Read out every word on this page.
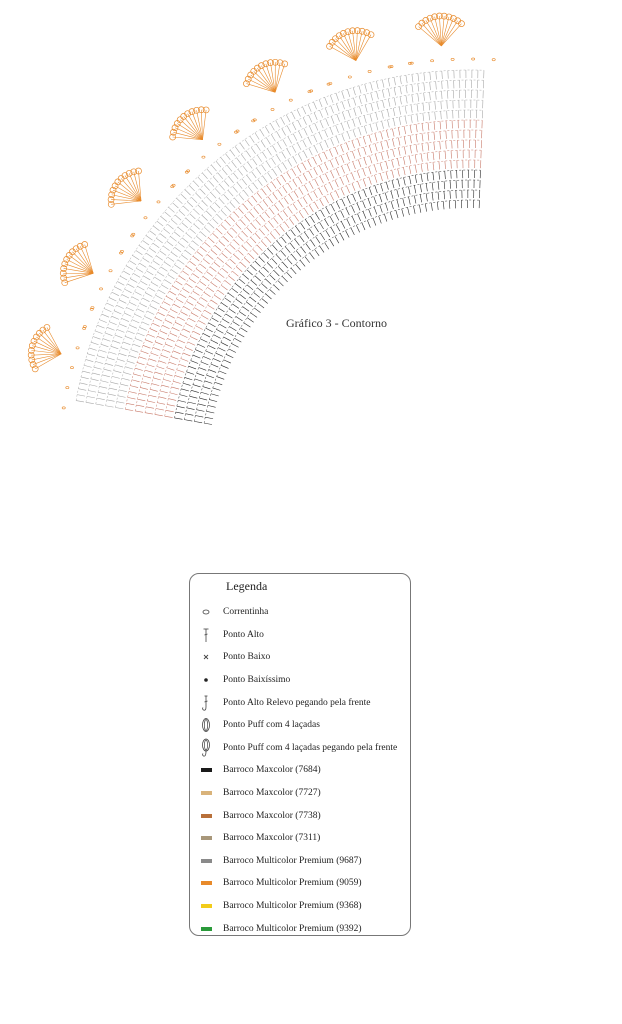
Gráfico 3 - Contorno
Legenda
Correntinha
Ponto Alto
Ponto Baixo
Ponto Baixíssimo
Ponto Alto Relevo pegando pela frente
Ponto Puff com 4 laçadas
Ponto Puff com 4 laçadas pegando pela frente
Barroco Maxcolor (7684)
Barroco Maxcolor (7727)
Barroco Maxcolor (7738)
Barroco Maxcolor (7311)
Barroco Multicolor Premium (9687)
Barroco Multicolor Premium (9059)
Barroco Multicolor Premium (9368)
Barroco Multicolor Premium (9392)
